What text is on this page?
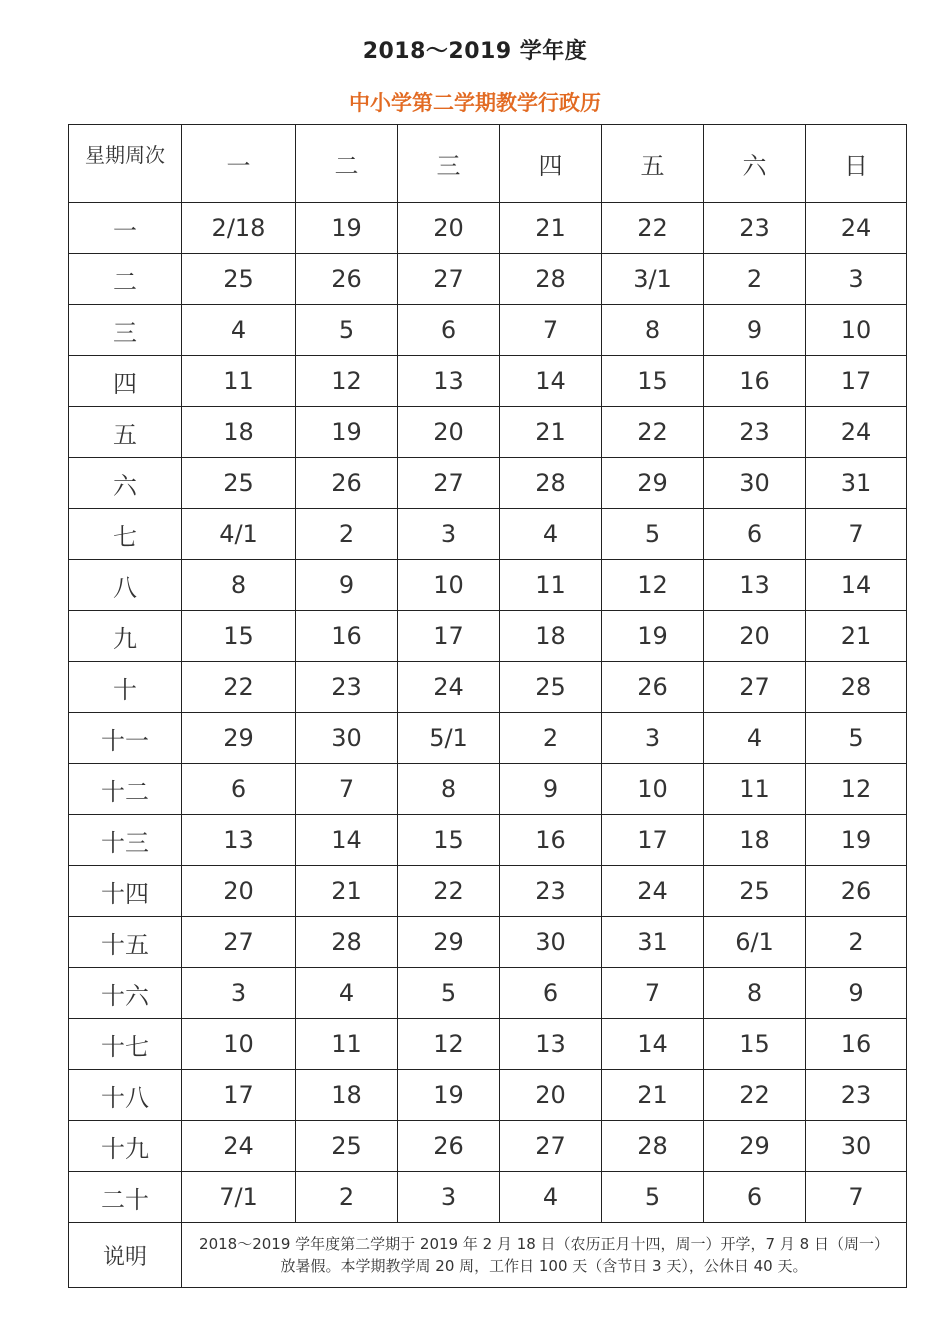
2018～2019 学年度
中小学第二学期教学行政历
星期周次	一	二	三	四	五	六	日
一	2/18	19	20	21	22	23	24
二	25	26	27	28	3/1	2	3
三	4	5	6	7	8	9	10
四	11	12	13	14	15	16	17
五	18	19	20	21	22	23	24
六	25	26	27	28	29	30	31
七	4/1	2	3	4	5	6	7
八	8	9	10	11	12	13	14
九	15	16	17	18	19	20	21
十	22	23	24	25	26	27	28
十一	29	30	5/1	2	3	4	5
十二	6	7	8	9	10	11	12
十三	13	14	15	16	17	18	19
十四	20	21	22	23	24	25	26
十五	27	28	29	30	31	6/1	2
十六	3	4	5	6	7	8	9
十七	10	11	12	13	14	15	16
十八	17	18	19	20	21	22	23
十九	24	25	26	27	28	29	30
二十	7/1	2	3	4	5	6	7
说明	2018～2019 学年度第二学期于 2019 年 2 月 18 日（农历正月十四，周一）开学，7 月 8 日（周一）放暑假。本学期教学周 20 周，工作日 100 天（含节日 3 天），公休日 40 天。						
